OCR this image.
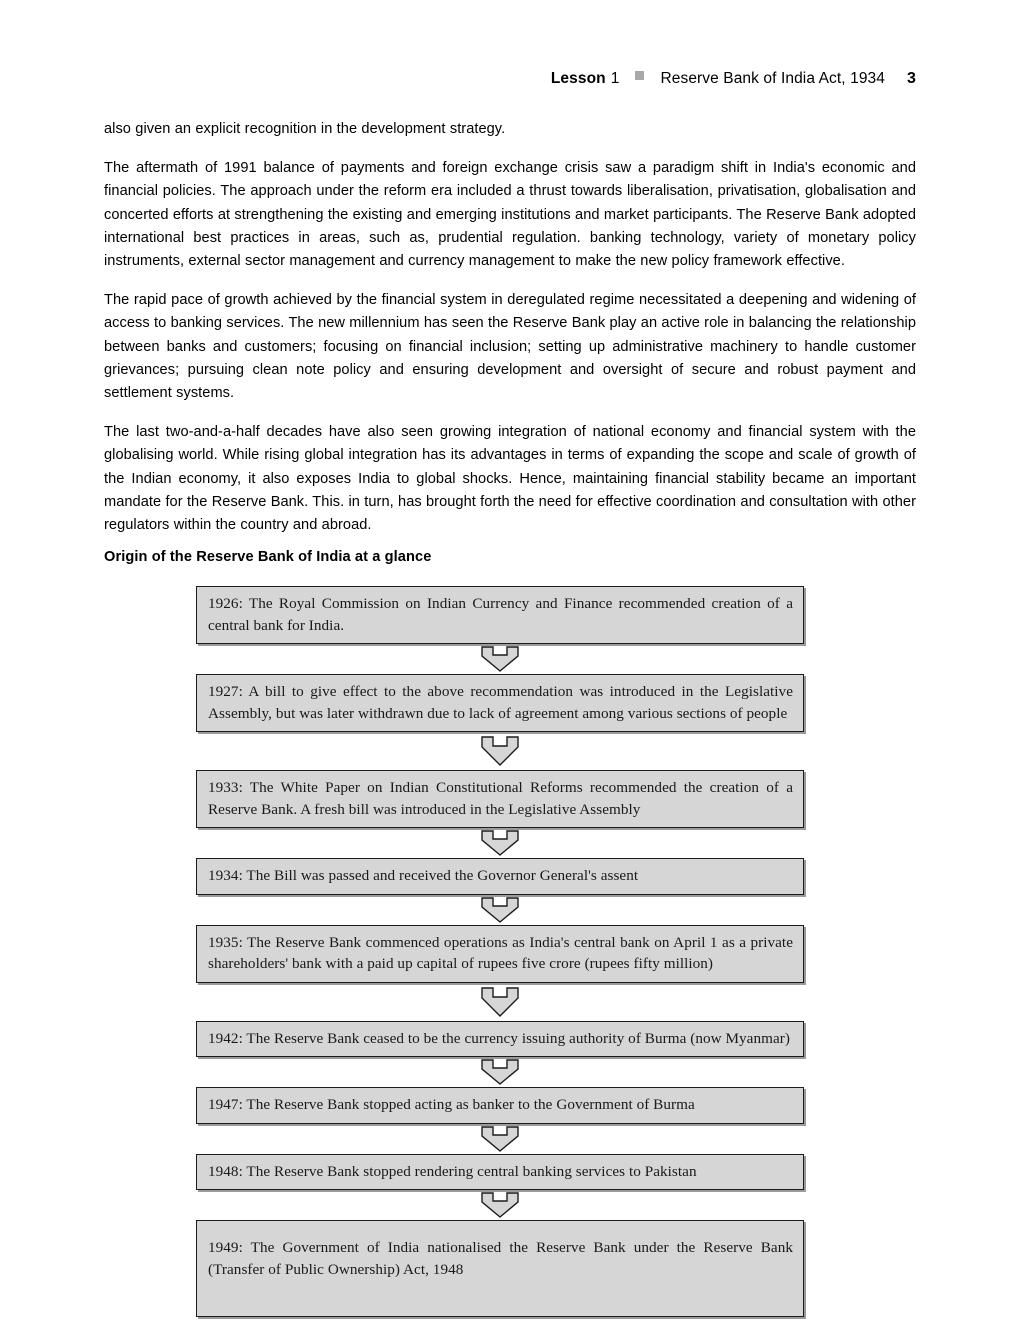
Lesson 1	Reserve Bank of India Act, 1934 3

also given an explicit recognition in the development strategy.

The aftermath of 1991 balance of payments and foreign exchange crisis saw a paradigm shift in India's economic and financial policies. The approach under the reform era included a thrust towards liberalisation, privatisation, globalisation and concerted efforts at strengthening the existing and emerging institutions and market participants. The Reserve Bank adopted international best practices in areas, such as, prudential regulation. banking technology, variety of monetary policy instruments, external sector management and currency management to make the new policy framework effective.

The rapid pace of growth achieved by the financial system in deregulated regime necessitated a deepening and widening of access to banking services. The new millennium has seen the Reserve Bank play an active role in balancing the relationship between banks and customers; focusing on financial inclusion; setting up administrative machinery to handle customer grievances; pursuing clean note policy and ensuring development and oversight of secure and robust payment and settlement systems.

The last two-and-a-half decades have also seen growing integration of national economy and financial system with the globalising world. While rising global integration has its advantages in terms of expanding the scope and scale of growth of the Indian economy, it also exposes India to global shocks. Hence, maintaining financial stability became an important mandate for the Reserve Bank. This. in turn, has brought forth the need for effective coordination and consultation with other regulators within the country and abroad.

Origin of the Reserve Bank of India at a glance
1926: The Royal Commission on Indian Currency and Finance recommended creation of a central bank for India.
1927: A bill to give effect to the above recommendation was introduced in the Legislative Assembly, but was later withdrawn due to lack of agreement among various sections of people
1933: The White Paper on Indian Constitutional Reforms recommended the creation of a Reserve Bank. A fresh bill was introduced in the Legislative Assembly
1934: The Bill was passed and received the Governor General's assent
1935: The Reserve Bank commenced operations as India's central bank on April 1 as a private shareholders' bank with a paid up capital of rupees five crore (rupees fifty million)
1942: The Reserve Bank ceased to be the currency issuing authority of Burma (now Myanmar)
1947: The Reserve Bank stopped acting as banker to the Government of Burma
1948: The Reserve Bank stopped rendering central banking services to Pakistan
1949: The Government of India nationalised the Reserve Bank under the Reserve Bank (Transfer of Public Ownership) Act, 1948
